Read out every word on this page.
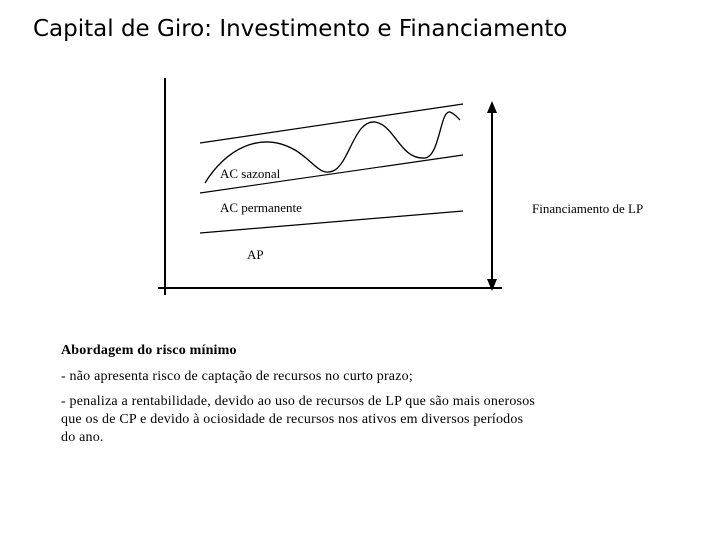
Capital de Giro: Investimento e Financiamento
AC sazonal
AC permanente
AP
Financiamento de LP
Abordagem do risco mínimo
- não apresenta risco de captação de recursos no curto prazo;
- penaliza a rentabilidade, devido ao uso de recursos de LP que são mais onerosos que os de CP e devido à ociosidade de recursos nos ativos em diversos períodos do ano.
